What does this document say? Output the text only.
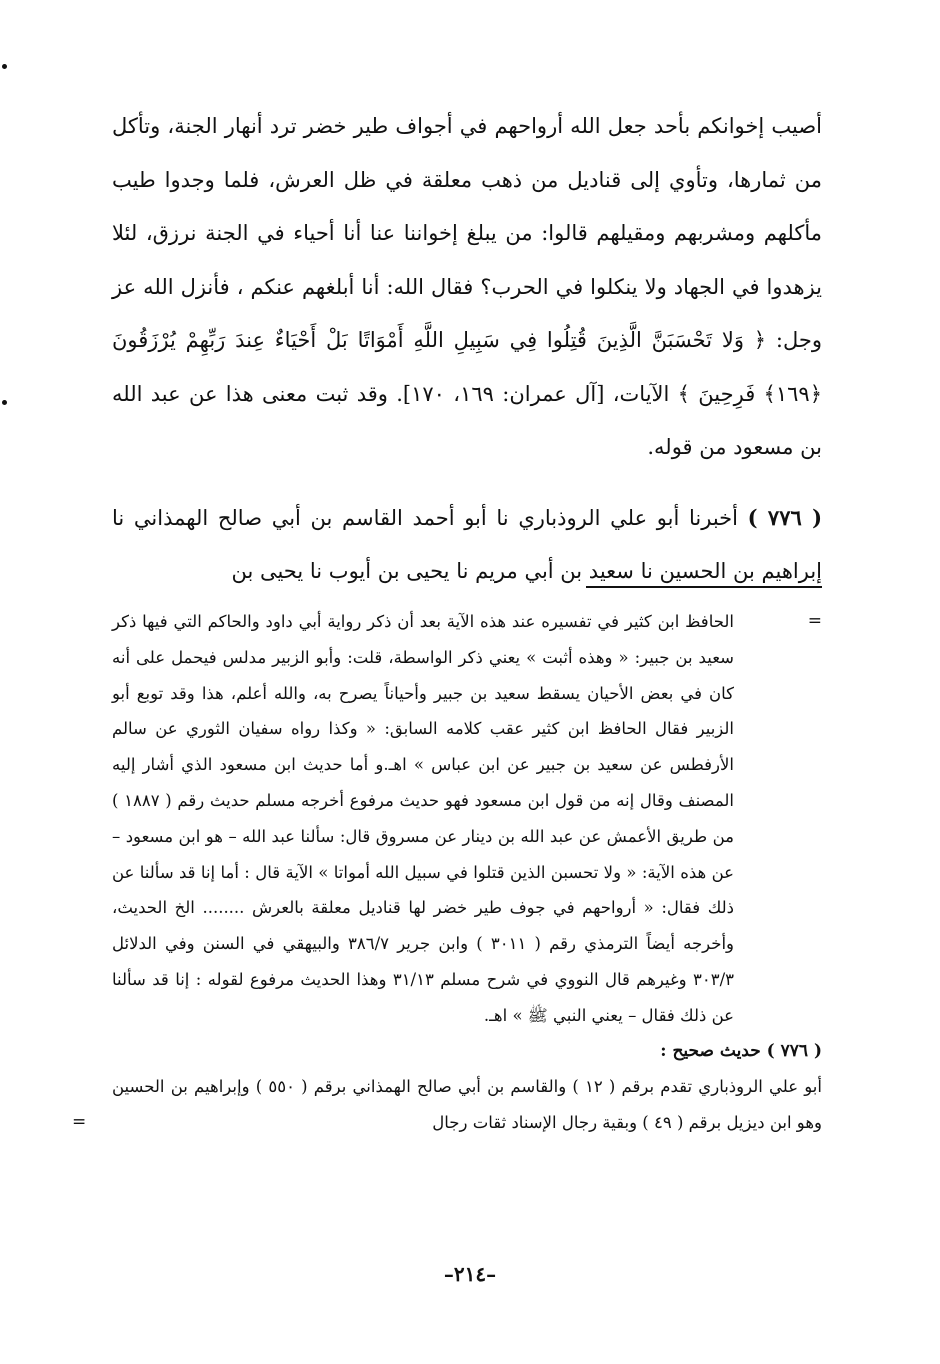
أصيب إخوانكم بأحد جعل الله أرواحهم في أجواف طير خضر ترد أنهار الجنة، وتأكل من ثمارها، وتأوي إلى قناديل من ذهب معلقة في ظل العرش، فلما وجدوا طيب مأكلهم ومشربهم ومقيلهم قالوا: من يبلغ إخواننا عنا أنا أحياء في الجنة نرزق، لئلا يزهدوا في الجهاد ولا ينكلوا في الحرب؟ فقال الله: أنا أبلغهم عنكم ، فأنزل الله عز وجل: ﴿ وَلا تَحْسَبَنَّ الَّذِينَ قُتِلُوا فِي سَبِيلِ اللَّهِ أَمْوَاتًا بَلْ أَحْيَاءٌ عِندَ رَبِّهِمْ يُرْزَقُونَ ﴿١٦٩﴾ فَرِحِينَ ﴾ الآيات، [آل عمران: ١٦٩، ١٧٠]. وقد ثبت معنى هذا عن عبد الله بن مسعود من قوله.

( ٧٧٦ ) أخبرنا أبو علي الروذباري نا أبو أحمد القاسم بن أبي صالح الهمذاني نا إبراهيم بن الحسين نا سعيد بن أبي مريم نا يحيى بن أيوب نا يحيى بن

=
الحافظ ابن كثير في تفسيره عند هذه الآية بعد أن ذكر رواية أبي داود والحاكم التي فيها ذكر سعيد بن جبير: « وهذه أثبت » يعني ذكر الواسطة، قلت: وأبو الزبير مدلس فيحمل على أنه كان في بعض الأحيان يسقط سعيد بن جبير وأحياناً يصرح به، والله أعلم، هذا وقد توبع أبو الزبير فقال الحافظ ابن كثير عقب كلامه السابق: « وكذا رواه سفيان الثوري عن سالم الأرفطس عن سعيد بن جبير عن ابن عباس » اهـ.و أما حديث ابن مسعود الذي أشار إليه المصنف وقال إنه من قول ابن مسعود فهو حديث مرفوع أخرجه مسلم حديث رقم ( ١٨٨٧ ) من طريق الأعمش عن عبد الله بن دينار عن مسروق قال: سألنا عبد الله – هو ابن مسعود – عن هذه الآية: « ولا تحسبن الذين قتلوا في سبيل الله أمواتا » الآية قال : أما إنا قد سألنا عن ذلك فقال: « أرواحهم في جوف طير خضر لها قناديل معلقة بالعرش ........ الخ الحديث، وأخرجه أيضاً الترمذي رقم ( ٣٠١١ ) وابن جرير ٣٨٦/٧ والبيهقي في السنن وفي الدلائل ٣٠٣/٣ وغيرهم قال النووي في شرح مسلم ٣١/١٣ وهذا الحديث مرفوع لقوله : إنا قد سألنا عن ذلك فقال – يعني النبي ﷺ » اهـ.

( ٧٧٦ ) حديث صحيح :

أبو علي الروذباري تقدم برقم ( ١٢ ) والقاسم بن أبي صالح الهمذاني برقم ( ٥٥٠ ) وإبراهيم بن الحسين وهو ابن ديزيل برقم ( ٤٩ ) وبقية رجال الإسناد ثقات رجال
=

–٢١٤–
